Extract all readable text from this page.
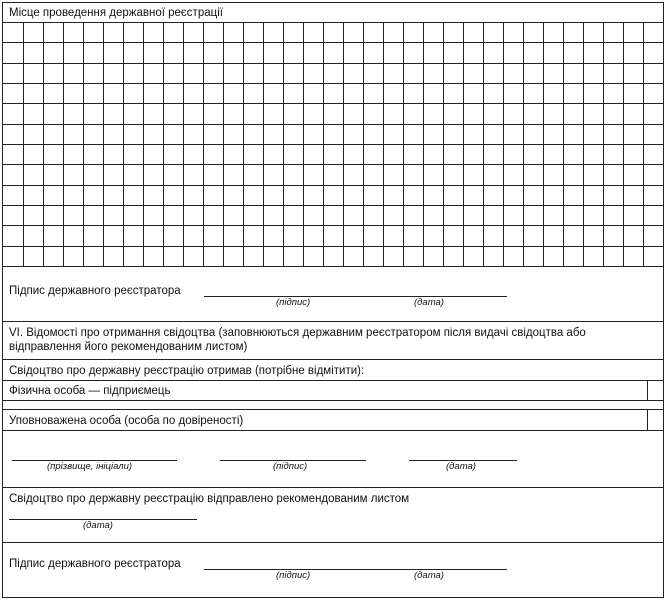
Місце проведення державної реєстрації
Підпис державного реєстратора
(підпис)	(дата)
VI. Відомості про отримання свідоцтва (заповнюються державним реєстратором після видачі свідоцтва або відправлення його рекомендованим листом)
Свідоцтво про державну реєстрацію отримав (потрібне відмітити):
Фізична особа — підприємець
Уповноважена особа (особа по довіреності)
(прізвище, ініціали)	(підпис)	(дата)
Свідоцтво про державну реєстрацію відправлено рекомендованим листом
(дата)
Підпис державного реєстратора
(підпис)	(дата)
